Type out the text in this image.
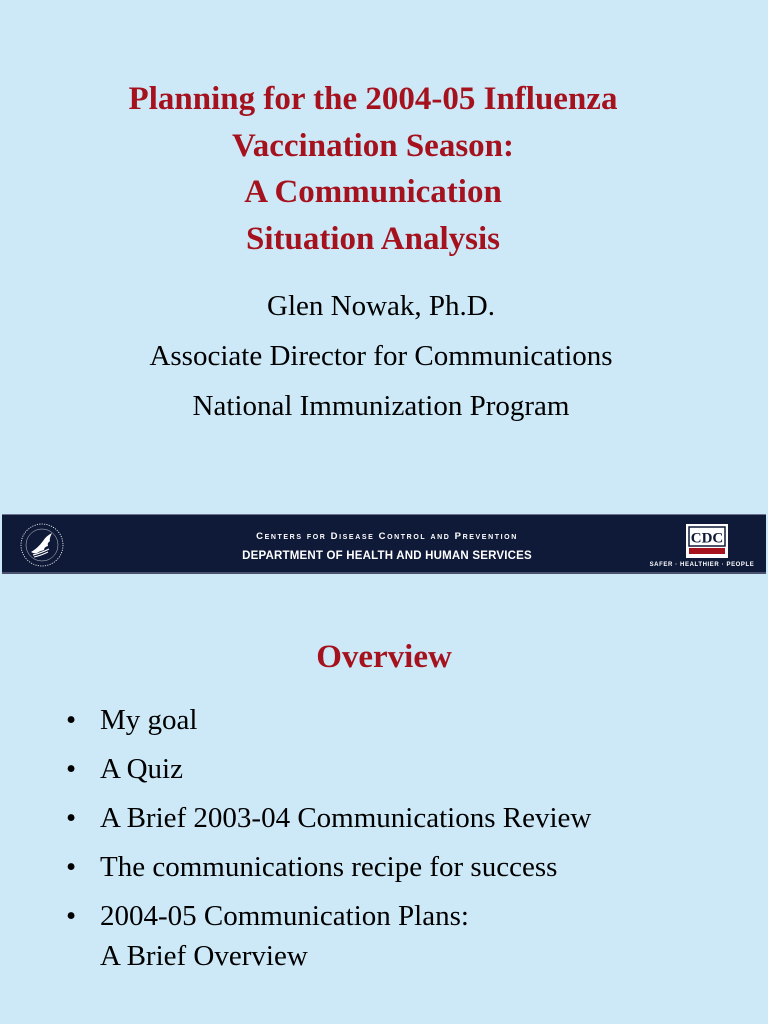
Planning for the 2004-05 Influenza
Vaccination Season:
A Communication
Situation Analysis
Glen Nowak, Ph.D.
Associate Director for Communications
National Immunization Program
Centers for Disease Control and Prevention
DEPARTMENT OF HEALTH AND HUMAN SERVICES
CDC
SAFER · HEALTHIER · PEOPLE
Overview
• My goal
• A Quiz
• A Brief 2003-04 Communications Review
• The communications recipe for success
• 2004-05 Communication Plans:
A Brief Overview
